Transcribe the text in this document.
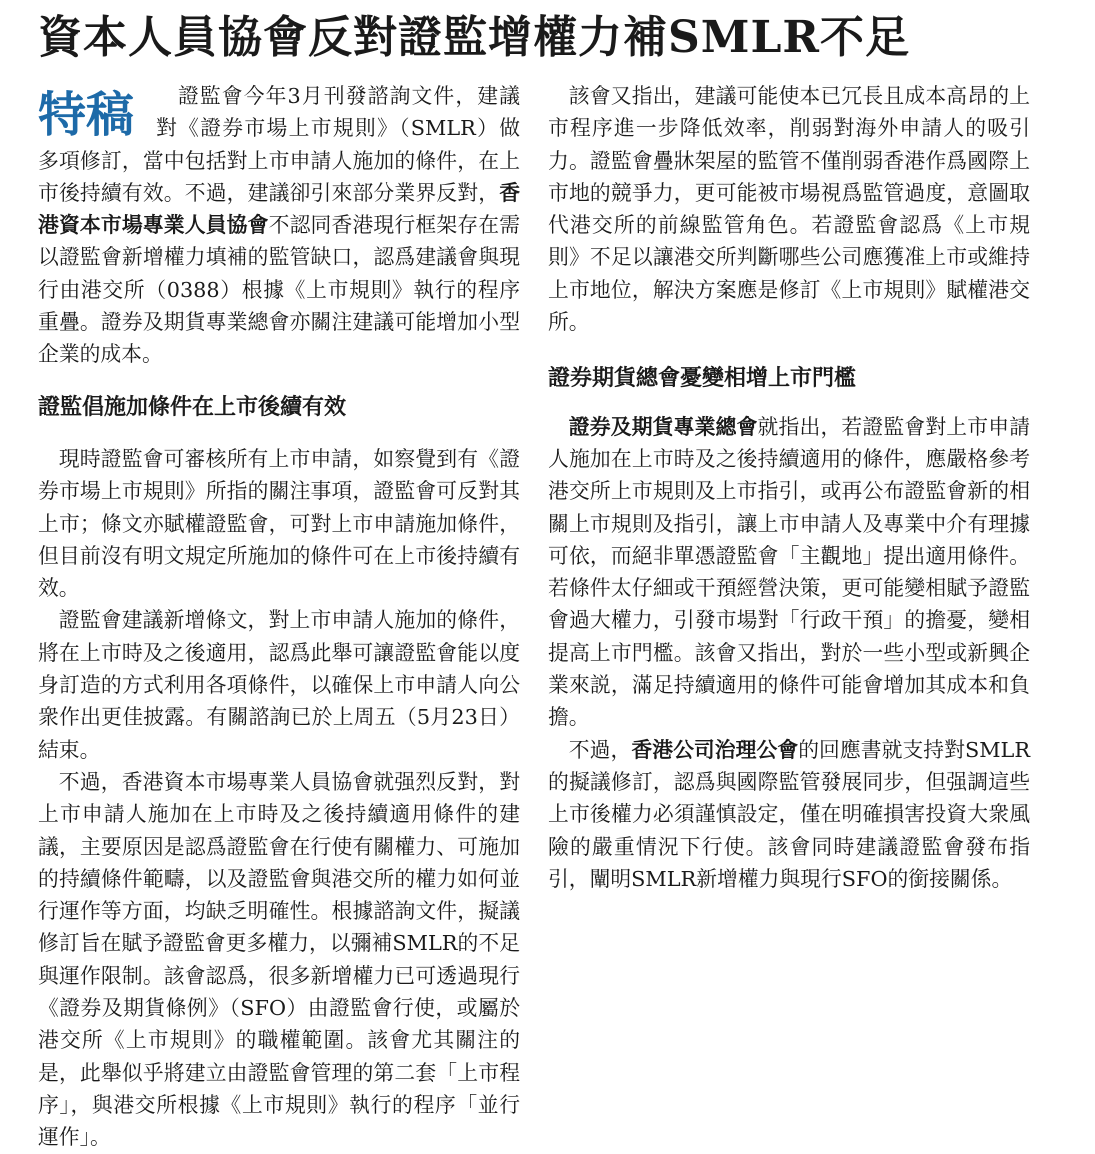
資本人員協會反對證監增權力補SMLR不足

特稿 證監會今年3月刊發諮詢文件，建議對《證券市場上市規則》（SMLR）做多項修訂，當中包括對上市申請人施加的條件，在上市後持續有效。不過，建議卻引來部分業界反對，香港資本市場專業人員協會不認同香港現行框架存在需以證監會新增權力填補的監管缺口，認爲建議會與現行由港交所（0388）根據《上市規則》執行的程序重疊。證券及期貨專業總會亦關注建議可能增加小型企業的成本。

證監倡施加條件在上市後續有效

現時證監會可審核所有上市申請，如察覺到有《證券市場上市規則》所指的關注事項，證監會可反對其上市；條文亦賦權證監會，可對上市申請施加條件，但目前沒有明文規定所施加的條件可在上市後持續有效。

證監會建議新增條文，對上市申請人施加的條件，將在上市時及之後適用，認爲此舉可讓證監會能以度身訂造的方式利用各項條件，以確保上市申請人向公衆作出更佳披露。有關諮詢已於上周五（5月23日）結束。

不過，香港資本市場專業人員協會就强烈反對，對上市申請人施加在上市時及之後持續適用條件的建議，主要原因是認爲證監會在行使有關權力、可施加的持續條件範疇，以及證監會與港交所的權力如何並行運作等方面，均缺乏明確性。根據諮詢文件，擬議修訂旨在賦予證監會更多權力，以彌補SMLR的不足與運作限制。該會認爲，很多新增權力已可透過現行《證券及期貨條例》（SFO）由證監會行使，或屬於港交所《上市規則》的職權範圍。該會尤其關注的是，此舉似乎將建立由證監會管理的第二套「上市程序」，與港交所根據《上市規則》執行的程序「並行運作」。

該會又指出，建議可能使本已冗長且成本高昂的上市程序進一步降低效率，削弱對海外申請人的吸引力。證監會疊牀架屋的監管不僅削弱香港作爲國際上市地的競爭力，更可能被市場視爲監管過度，意圖取代港交所的前線監管角色。若證監會認爲《上市規則》不足以讓港交所判斷哪些公司應獲准上市或維持上市地位，解決方案應是修訂《上市規則》賦權港交所。

證券期貨總會憂變相增上市門檻

證券及期貨專業總會就指出，若證監會對上市申請人施加在上市時及之後持續適用的條件，應嚴格參考港交所上市規則及上市指引，或再公布證監會新的相關上市規則及指引，讓上市申請人及專業中介有理據可依，而絕非單憑證監會「主觀地」提出適用條件。若條件太仔細或干預經營決策，更可能變相賦予證監會過大權力，引發市場對「行政干預」的擔憂，變相提高上市門檻。該會又指出，對於一些小型或新興企業來説，滿足持續適用的條件可能會增加其成本和負擔。

不過，香港公司治理公會的回應書就支持對SMLR的擬議修訂，認爲與國際監管發展同步，但强調這些上市後權力必須謹慎設定，僅在明確損害投資大衆風險的嚴重情況下行使。該會同時建議證監會發布指引，闡明SMLR新增權力與現行SFO的銜接關係。
